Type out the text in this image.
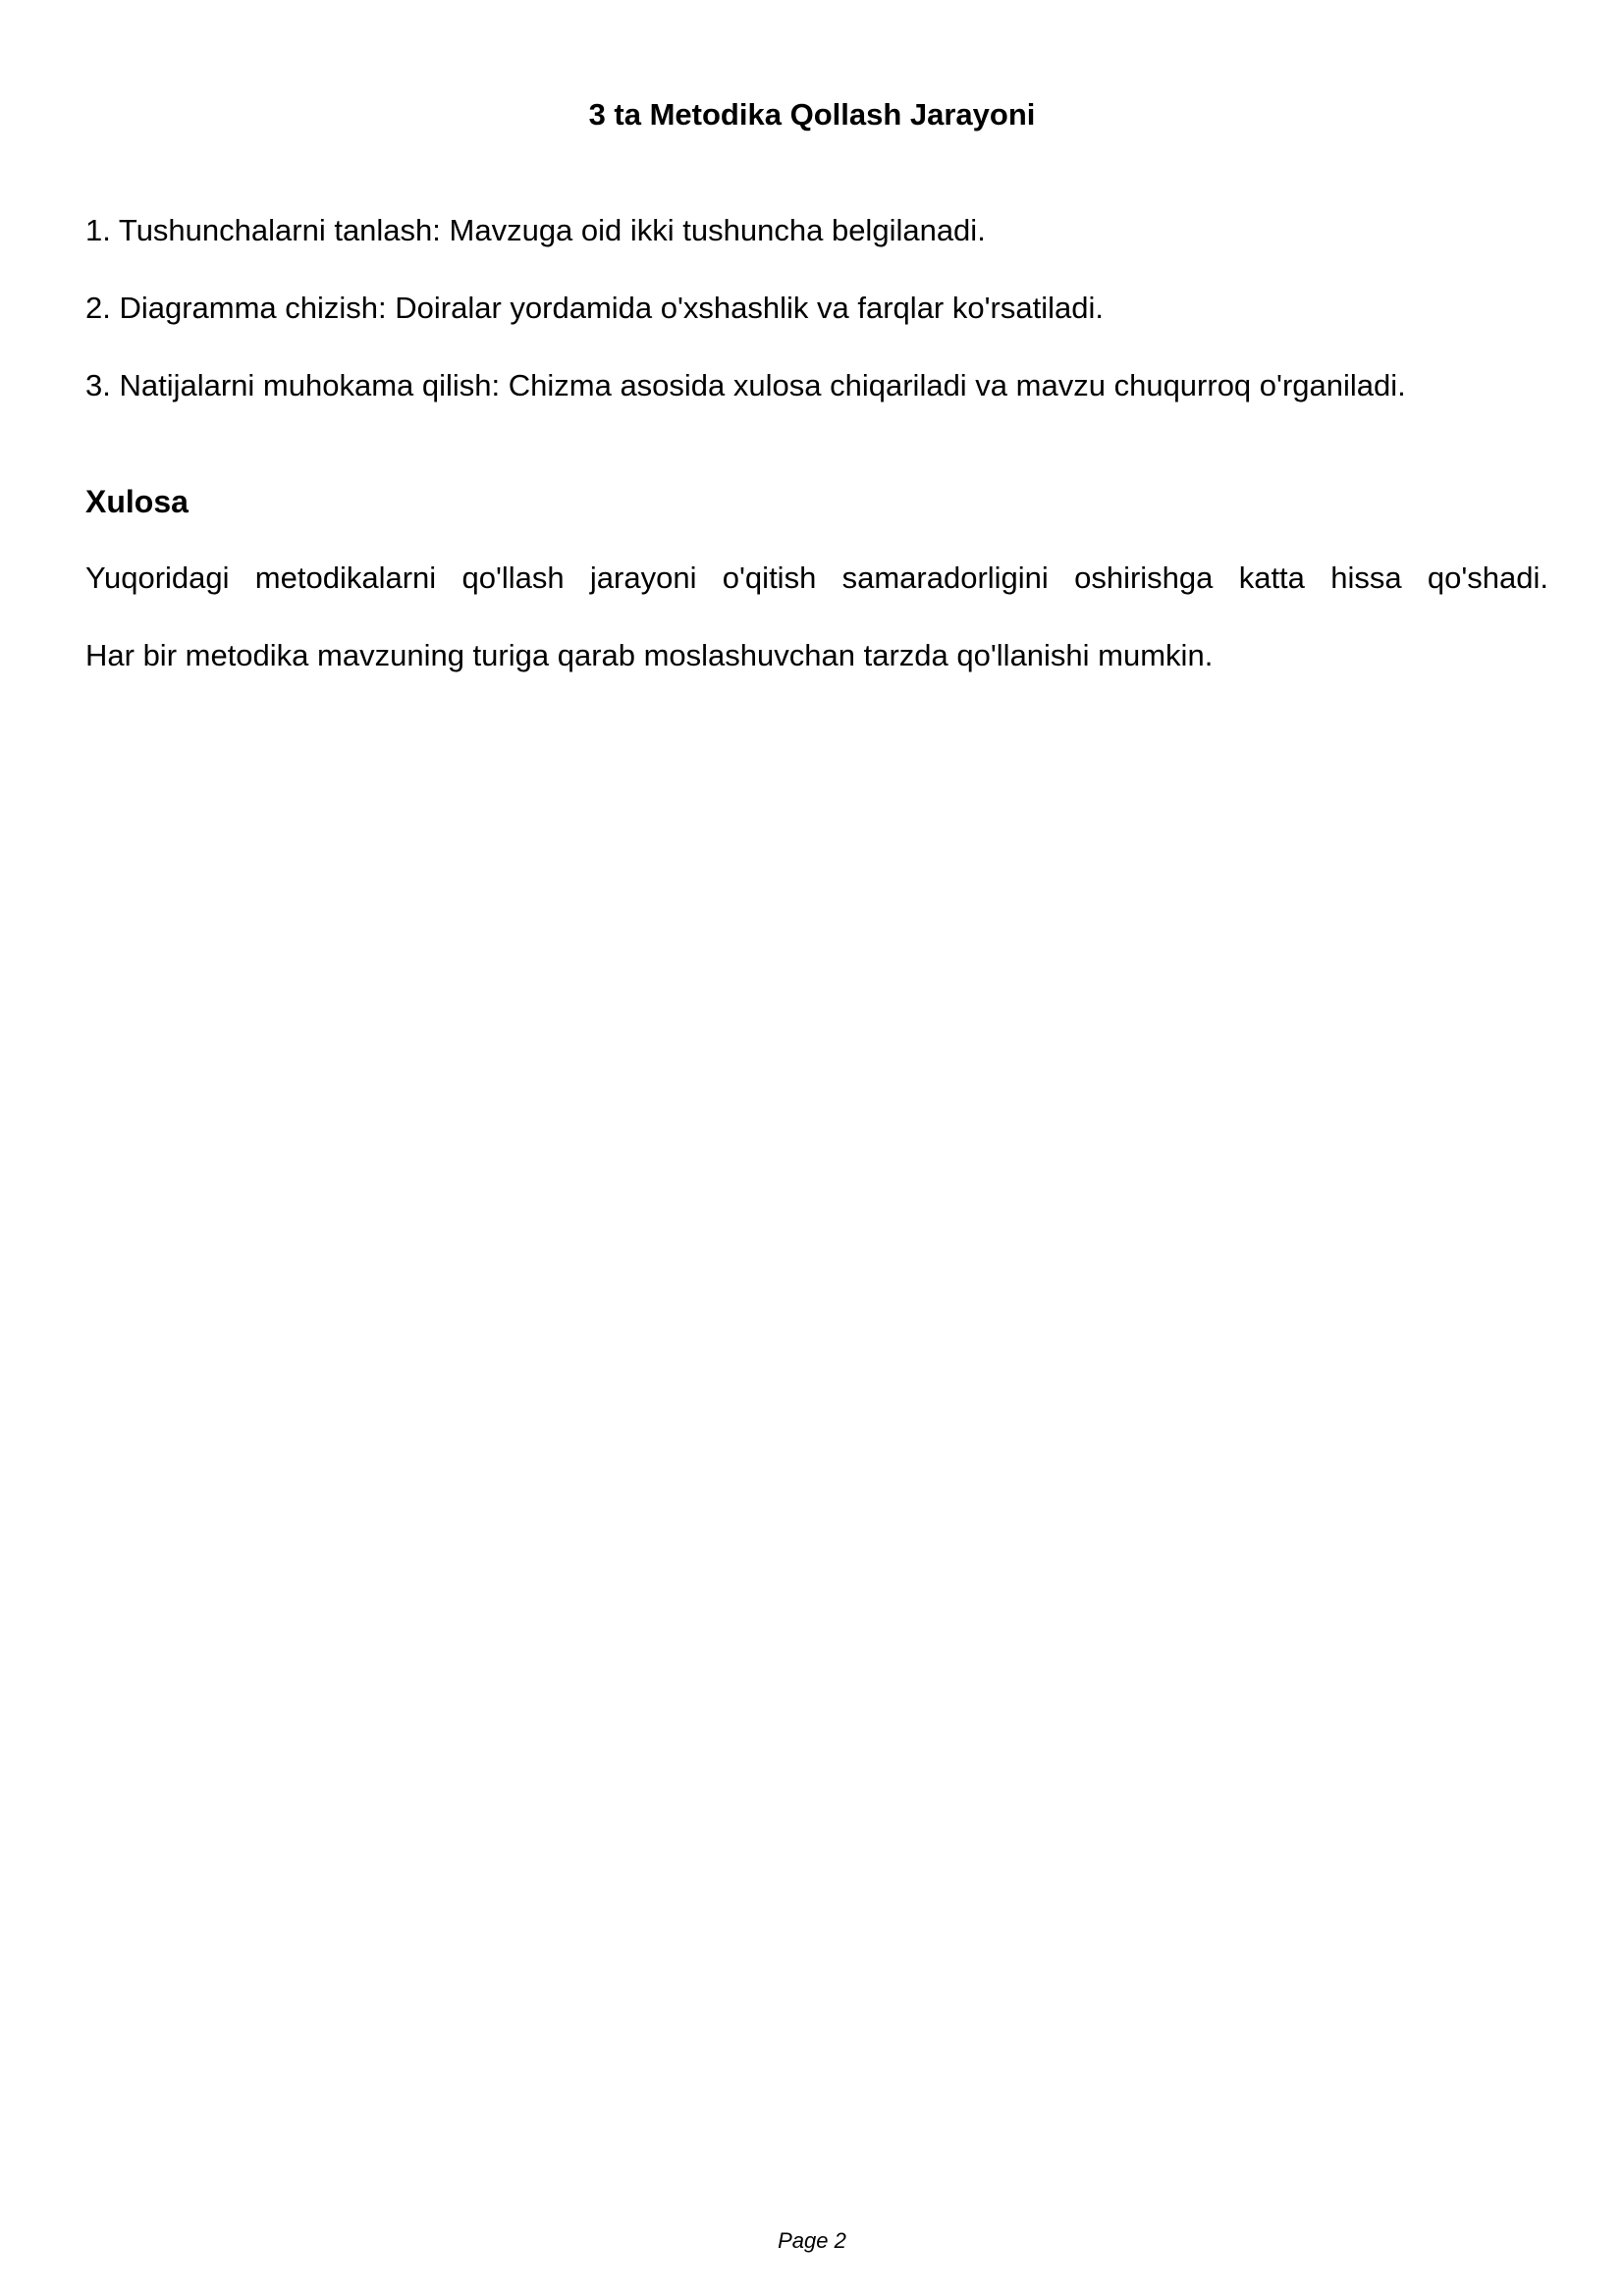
3 ta Metodika Qollash Jarayoni

1. Tushunchalarni tanlash: Mavzuga oid ikki tushuncha belgilanadi.

2. Diagramma chizish: Doiralar yordamida o'xshashlik va farqlar ko'rsatiladi.

3. Natijalarni muhokama qilish: Chizma asosida xulosa chiqariladi va mavzu chuqurroq o'rganiladi.

Xulosa

Yuqoridagi metodikalarni qo'llash jarayoni o'qitish samaradorligini oshirishga katta hissa qo'shadi.

Har bir metodika mavzuning turiga qarab moslashuvchan tarzda qo'llanishi mumkin.

Page 2
